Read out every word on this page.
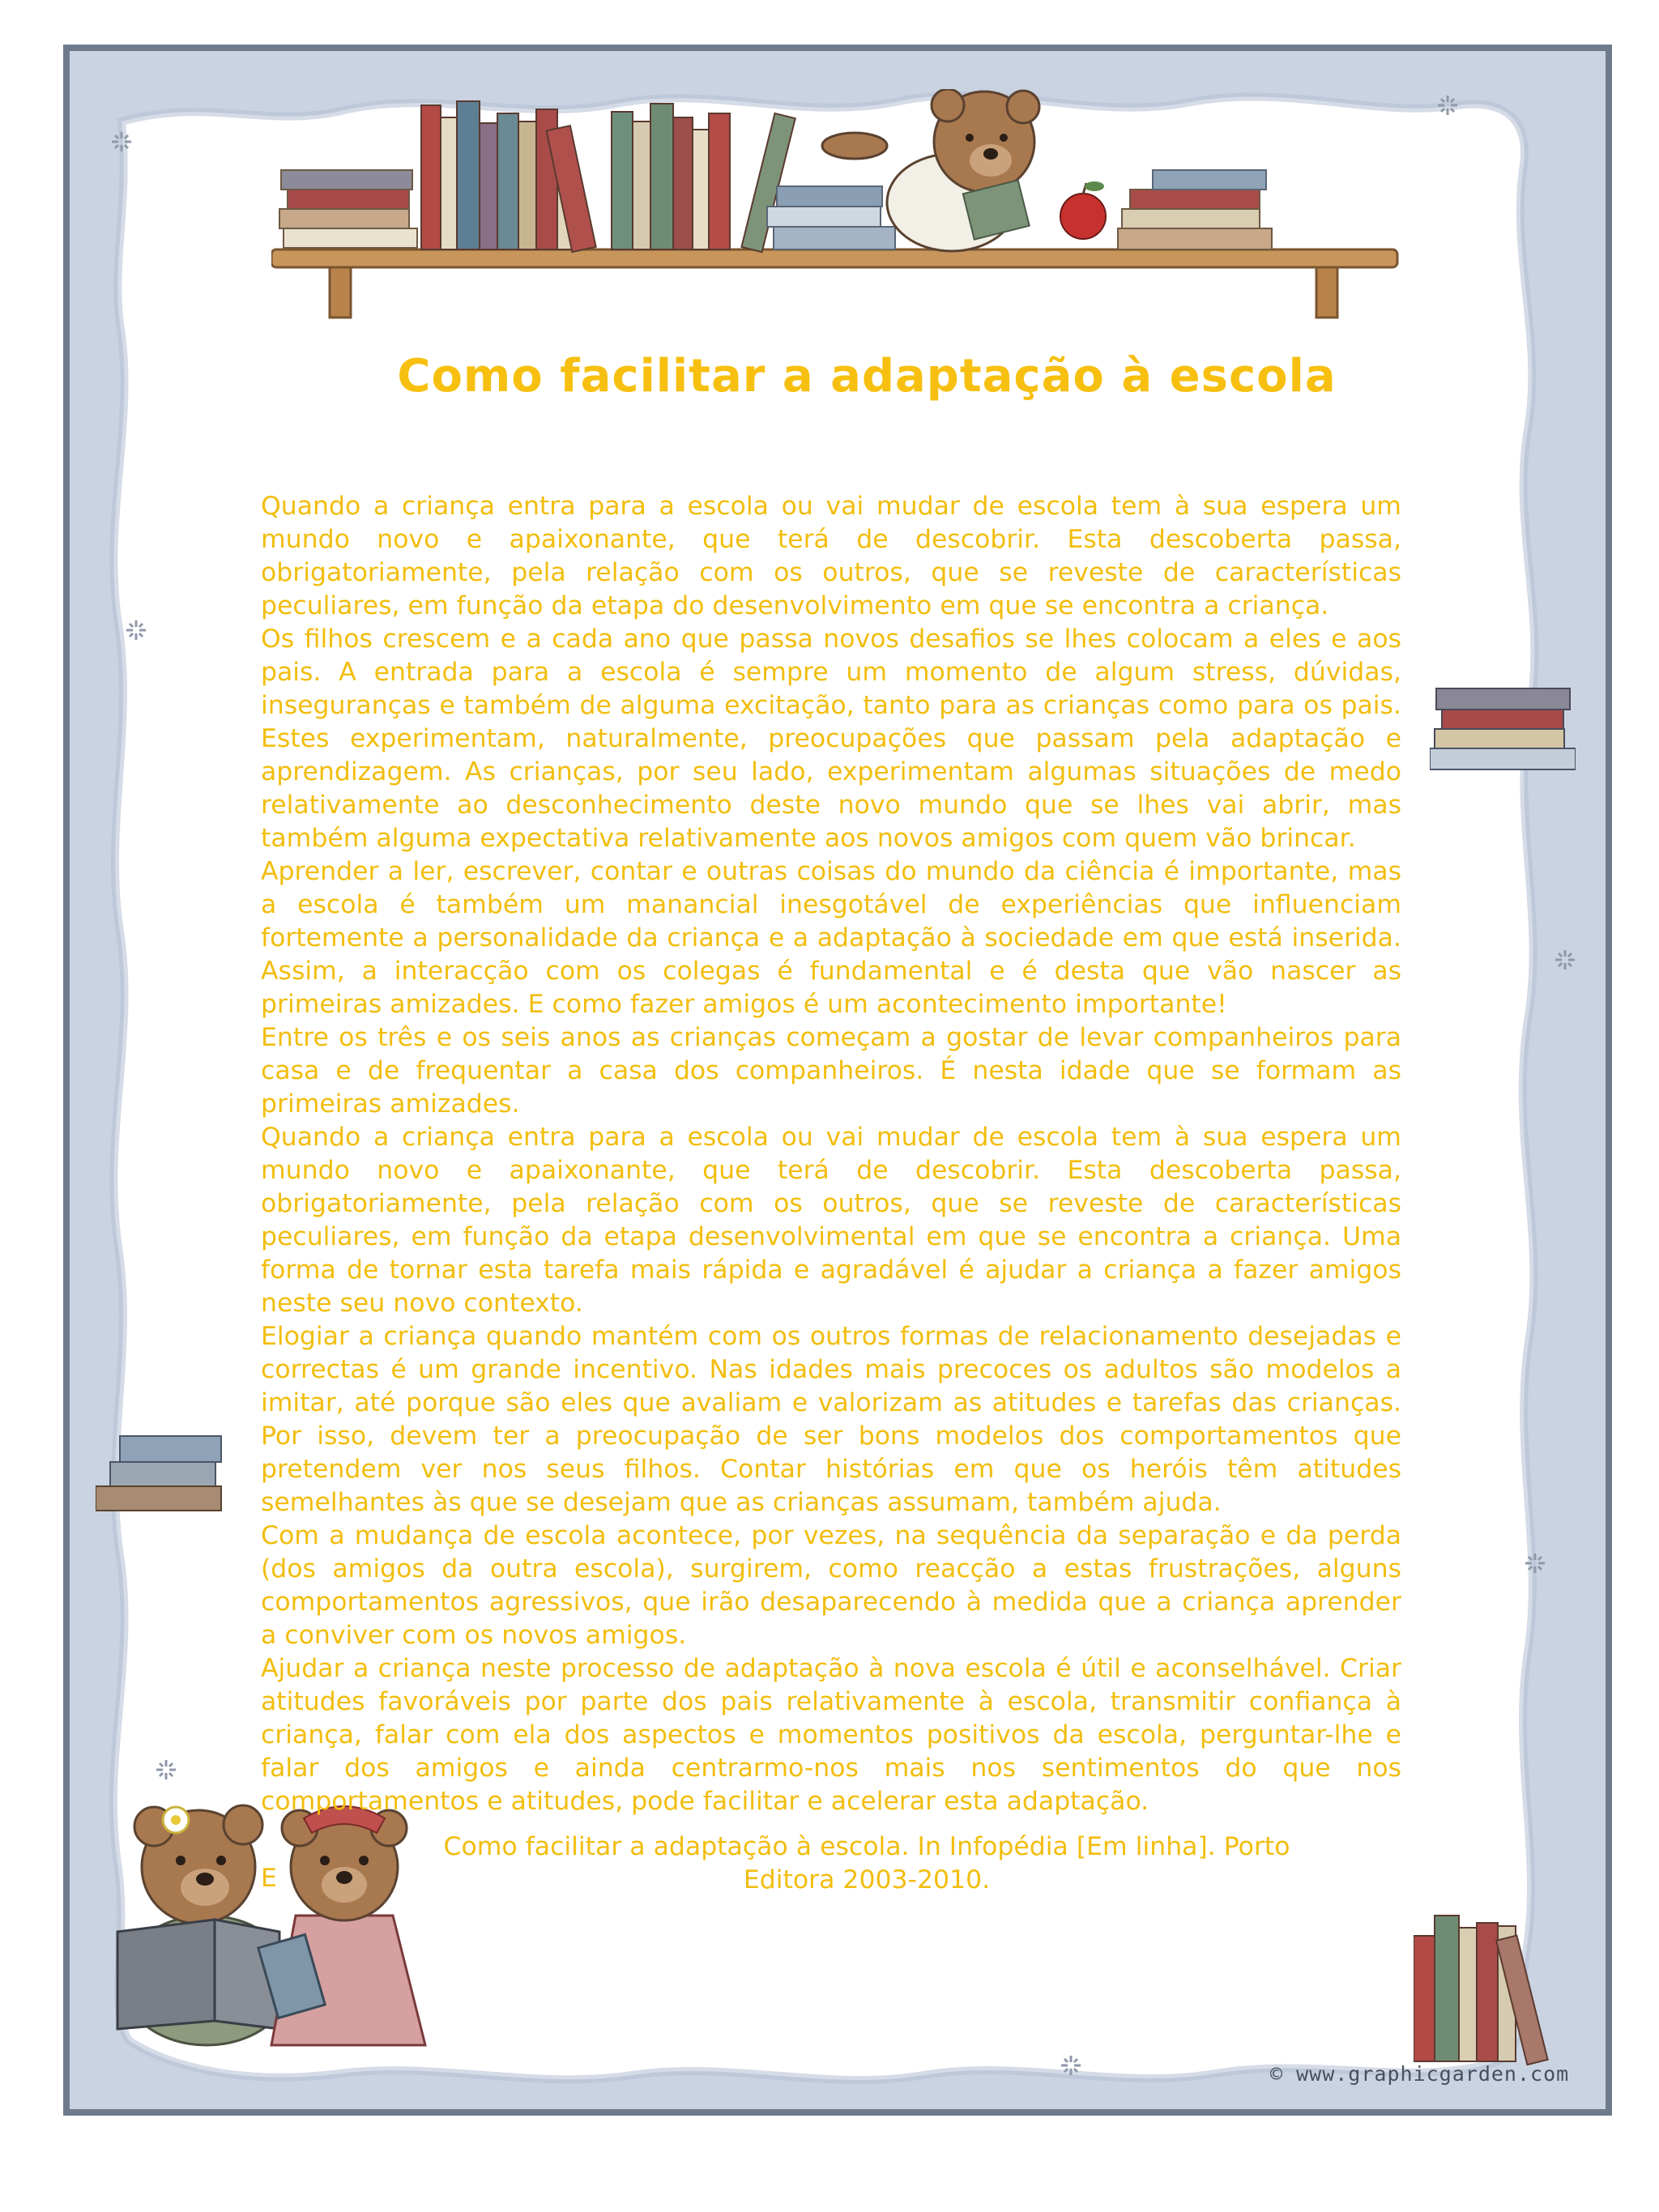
Como facilitar a adaptação à escola

Quando a criança entra para a escola ou vai mudar de escola tem à sua espera um mundo novo e apaixonante, que terá de descobrir. Esta descoberta passa, obrigatoriamente, pela relação com os outros, que se reveste de características peculiares, em função da etapa do desenvolvimento em que se encontra a criança.

Os filhos crescem e a cada ano que passa novos desafios se lhes colocam a eles e aos pais. A entrada para a escola é sempre um momento de algum stress, dúvidas, inseguranças e também de alguma excitação, tanto para as crianças como para os pais. Estes experimentam, naturalmente, preocupações que passam pela adaptação e aprendizagem. As crianças, por seu lado, experimentam algumas situações de medo relativamente ao desconhecimento deste novo mundo que se lhes vai abrir, mas também alguma expectativa relativamente aos novos amigos com quem vão brincar.

Aprender a ler, escrever, contar e outras coisas do mundo da ciência é importante, mas a escola é também um manancial inesgotável de experiências que influenciam fortemente a personalidade da criança e a adaptação à sociedade em que está inserida. Assim, a interacção com os colegas é fundamental e é desta que vão nascer as primeiras amizades. E como fazer amigos é um acontecimento importante!

Entre os três e os seis anos as crianças começam a gostar de levar companheiros para casa e de frequentar a casa dos companheiros. É nesta idade que se formam as primeiras amizades.

Quando a criança entra para a escola ou vai mudar de escola tem à sua espera um mundo novo e apaixonante, que terá de descobrir. Esta descoberta passa, obrigatoriamente, pela relação com os outros, que se reveste de características peculiares, em função da etapa desenvolvimental em que se encontra a criança. Uma forma de tornar esta tarefa mais rápida e agradável é ajudar a criança a fazer amigos neste seu novo contexto.

Elogiar a criança quando mantém com os outros formas de relacionamento desejadas e correctas é um grande incentivo. Nas idades mais precoces os adultos são modelos a imitar, até porque são eles que avaliam e valorizam as atitudes e tarefas das crianças. Por isso, devem ter a preocupação de ser bons modelos dos comportamentos que pretendem ver nos seus filhos. Contar histórias em que os heróis têm atitudes semelhantes às que se desejam que as crianças assumam, também ajuda.

Com a mudança de escola acontece, por vezes, na sequência da separação e da perda (dos amigos da outra escola), surgirem, como reacção a estas frustrações, alguns comportamentos agressivos, que irão desaparecendo à medida que a criança aprender a conviver com os novos amigos.

Ajudar a criança neste processo de adaptação à nova escola é útil e aconselhável. Criar atitudes favoráveis por parte dos pais relativamente à escola, transmitir confiança à criança, falar com ela dos aspectos e momentos positivos da escola, perguntar-lhe e falar dos amigos e ainda centrarmo-nos mais nos sentimentos do que nos comportamentos e atitudes, pode facilitar e acelerar esta adaptação.

Como facilitar a adaptação à escola. In Infopédia [Em linha]. Porto
Editora 2003-2010.
E
© www.graphicgarden.com
